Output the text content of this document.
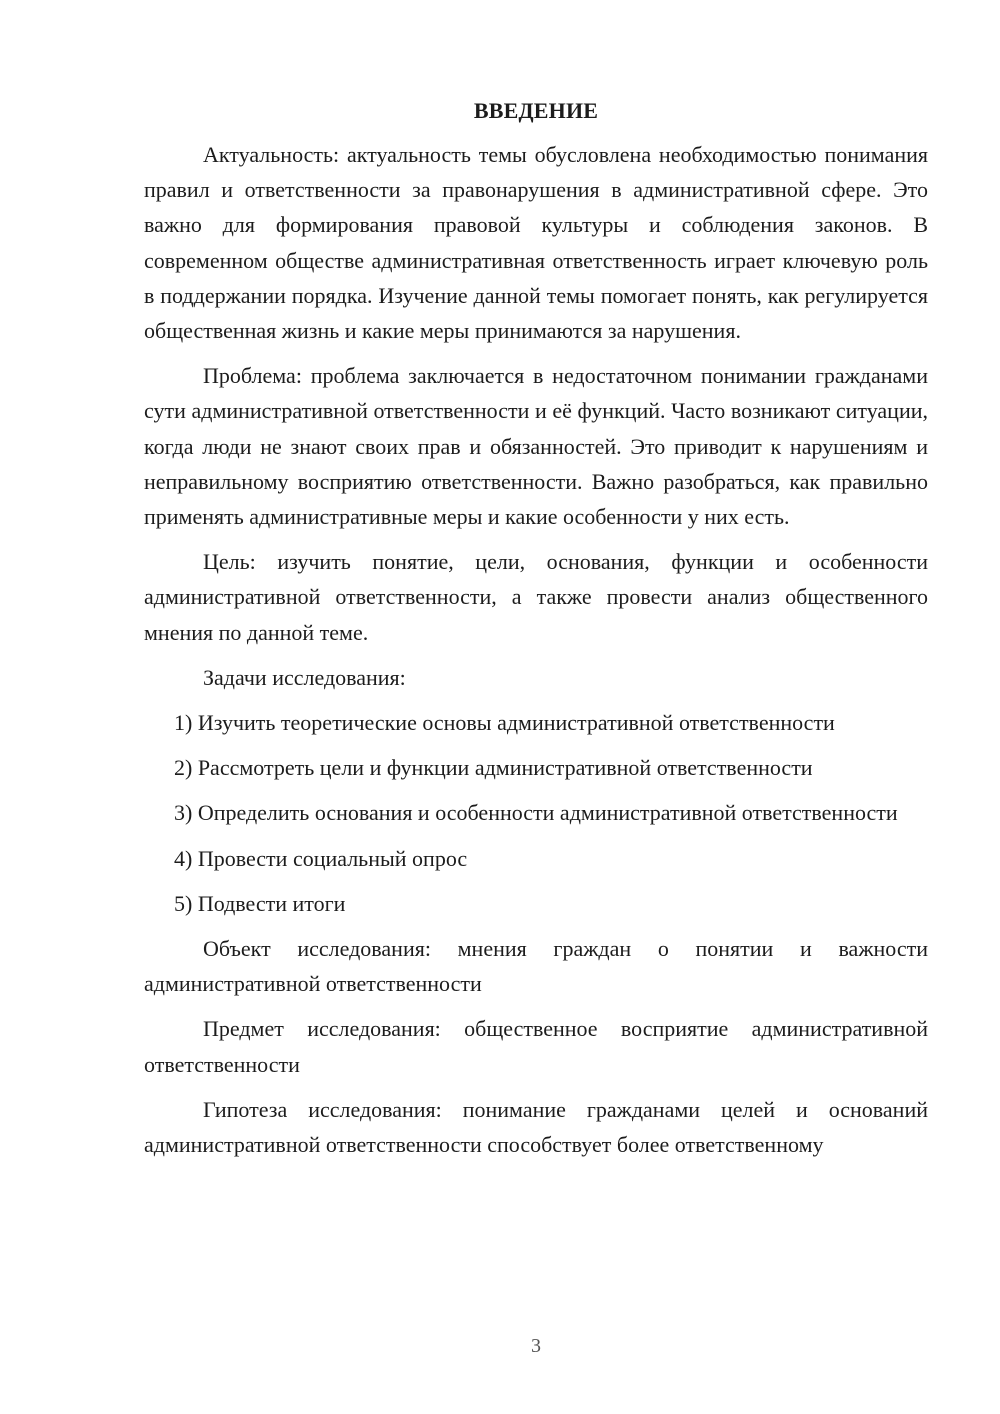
ВВЕДЕНИЕ

Актуальность: актуальность темы обусловлена необходимостью понимания правил и ответственности за правонарушения в административной сфере. Это важно для формирования правовой культуры и соблюдения законов. В современном обществе административная ответственность играет ключевую роль в поддержании порядка. Изучение данной темы помогает понять, как регулируется общественная жизнь и какие меры принимаются за нарушения.

Проблема: проблема заключается в недостаточном понимании гражданами сути административной ответственности и её функций. Часто возникают ситуации, когда люди не знают своих прав и обязанностей. Это приводит к нарушениям и неправильному восприятию ответственности. Важно разобраться, как правильно применять административные меры и какие особенности у них есть.

Цель: изучить понятие, цели, основания, функции и особенности административной ответственности, а также провести анализ общественного мнения по данной теме.

Задачи исследования:

1) Изучить теоретические основы административной ответственности

2) Рассмотреть цели и функции административной ответственности

3) Определить основания и особенности административной ответственности

4) Провести социальный опрос

5) Подвести итоги

Объект исследования: мнения граждан о понятии и важности административной ответственности

Предмет исследования: общественное восприятие административной ответственности

Гипотеза исследования: понимание гражданами целей и оснований административной ответственности способствует более ответственному

3
